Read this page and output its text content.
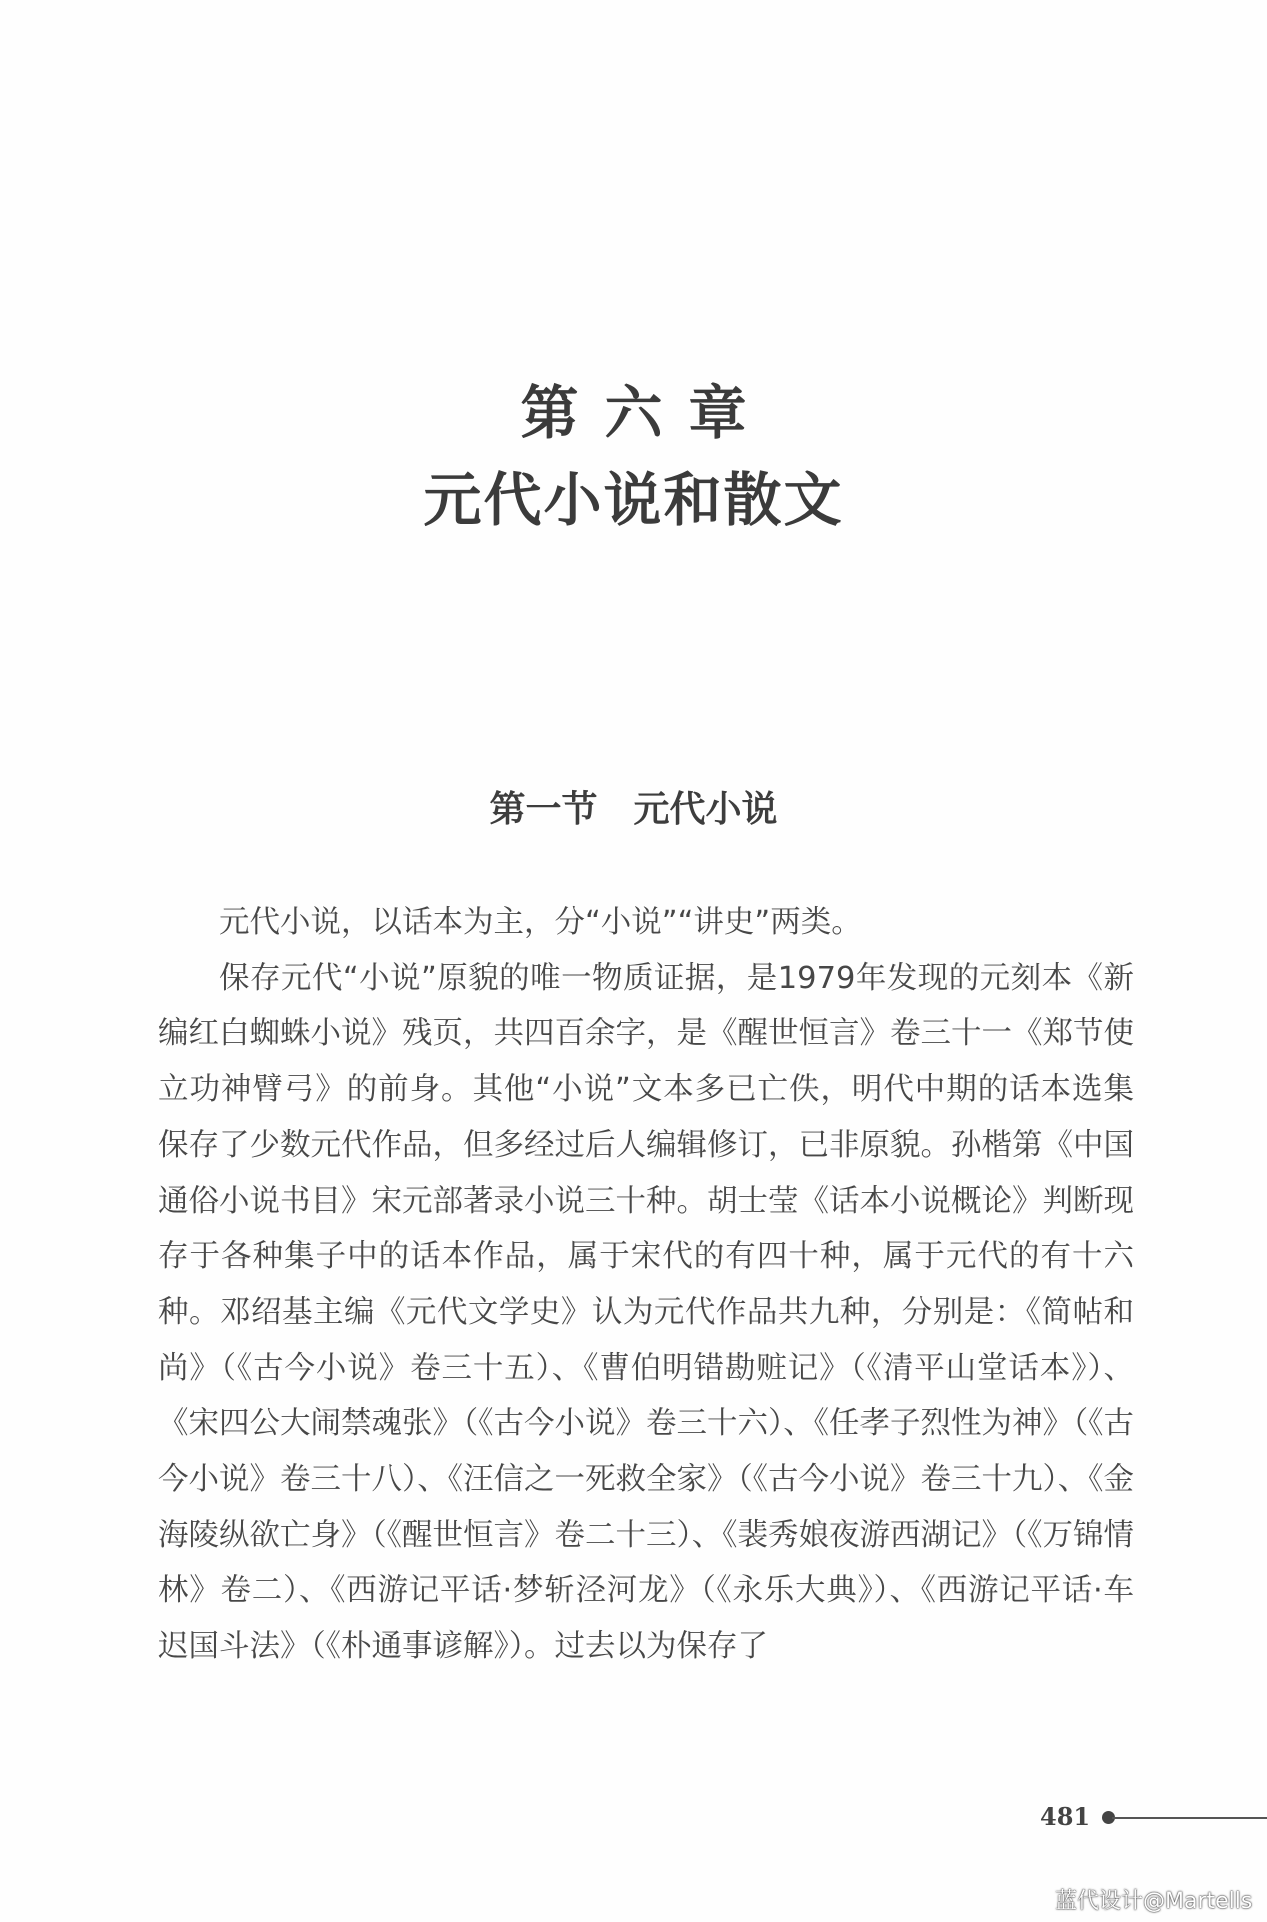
第六章
元代小说和散文
第一节　元代小说

元代小说，以话本为主，分“小说”“讲史”两类。

保存元代“小说”原貌的唯一物质证据，是1979年发现的元刻本《新编红白蜘蛛小说》残页，共四百余字，是《醒世恒言》卷三十一《郑节使立功神臂弓》的前身。其他“小说”文本多已亡佚，明代中期的话本选集保存了少数元代作品，但多经过后人编辑修订，已非原貌。孙楷第《中国通俗小说书目》宋元部著录小说三十种。胡士莹《话本小说概论》判断现存于各种集子中的话本作品，属于宋代的有四十种，属于元代的有十六种。邓绍基主编《元代文学史》认为元代作品共九种，分别是：《简帖和尚》（《古今小说》卷三十五）、《曹伯明错勘赃记》（《清平山堂话本》）、《宋四公大闹禁魂张》（《古今小说》卷三十六）、《任孝子烈性为神》（《古今小说》卷三十八）、《汪信之一死救全家》（《古今小说》卷三十九）、《金海陵纵欲亡身》（《醒世恒言》卷二十三）、《裴秀娘夜游西湖记》（《万锦情林》卷二）、《西游记平话·梦斩泾河龙》（《永乐大典》）、《西游记平话·车迟国斗法》（《朴通事谚解》）。过去以为保存了

481
蓝代设计@Martells
